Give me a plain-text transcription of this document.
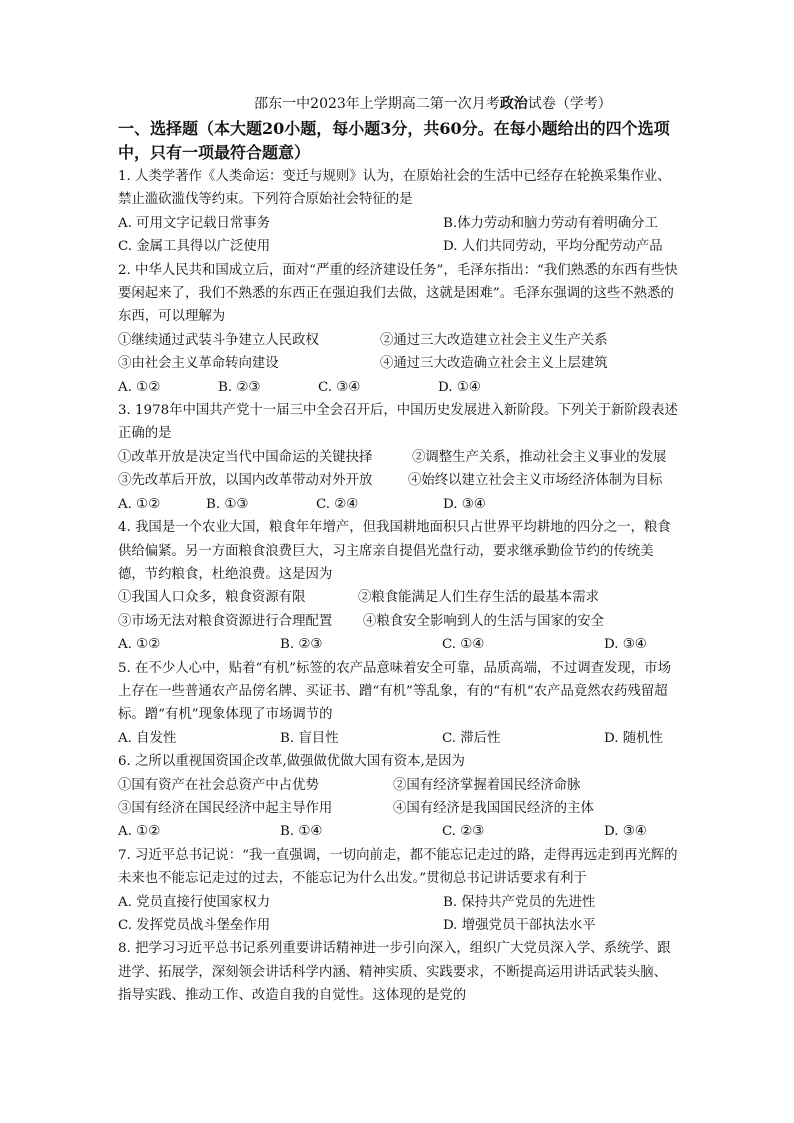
邵东一中2023年上学期高二第一次月考政治试卷（学考）
一、选择题（本大题20小题，每小题3分，共60分。在每小题给出的四个选项中，只有一项最符合题意）
1. 人类学著作《人类命运：变迁与规则》认为，在原始社会的生活中已经存在轮换采集作业、禁止滥砍滥伐等约束。下列符合原始社会特征的是
A. 可用文字记载日常事务	B.体力劳动和脑力劳动有着明确分工
C. 金属工具得以广泛使用	D. 人们共同劳动，平均分配劳动产品
2. 中华人民共和国成立后，面对“严重的经济建设任务”，毛泽东指出：“我们熟悉的东西有些快要闲起来了，我们不熟悉的东西正在强迫我们去做，这就是困难”。毛泽东强调的这些不熟悉的东西，可以理解为
①继续通过武装斗争建立人民政权	②通过三大改造建立社会主义生产关系
③由社会主义革命转向建设	④通过三大改造确立社会主义上层建筑
A. ①②	B. ②③	C. ③④	D. ①④
3. 1978年中国共产党十一届三中全会召开后，中国历史发展进入新阶段。下列关于新阶段表述正确的是
①改革开放是决定当代中国命运的关键抉择	②调整生产关系，推动社会主义事业的发展
③先改革后开放，以国内改革带动对外开放	④始终以建立社会主义市场经济体制为目标
A. ①②	B. ①③	C. ②④	D. ③④
4. 我国是一个农业大国，粮食年年增产，但我国耕地面积只占世界平均耕地的四分之一，粮食供给偏紧。另一方面粮食浪费巨大，习主席亲自提倡光盘行动，要求继承勤俭节约的传统美德，节约粮食，杜绝浪费。这是因为
①我国人口众多，粮食资源有限	②粮食能满足人们生存生活的最基本需求
③市场无法对粮食资源进行合理配置	④粮食安全影响到人的生活与国家的安全
A. ①②	B. ②③	C. ①④	D. ③④
5. 在不少人心中，贴着“有机”标签的农产品意味着安全可靠，品质高端，不过调查发现，市场上存在一些普通农产品傍名牌、买证书、蹭“有机”等乱象，有的“有机”农产品竟然农药残留超标。蹭“有机”现象体现了市场调节的
A. 自发性	B. 盲目性	C. 滞后性	D. 随机性
6. 之所以重视国资国企改革,做强做优做大国有资本,是因为
①国有资产在社会总资产中占优势	②国有经济掌握着国民经济命脉
③国有经济在国民经济中起主导作用	④国有经济是我国国民经济的主体
A. ①②	B. ①④	C. ②③	D. ③④
7. 习近平总书记说：“我一直强调，一切向前走，都不能忘记走过的路，走得再远走到再光辉的未来也不能忘记走过的过去，不能忘记为什么出发。”贯彻总书记讲话要求有利于
A. 党员直接行使国家权力	B. 保持共产党员的先进性
C. 发挥党员战斗堡垒作用	D. 增强党员干部执法水平
8. 把学习习近平总书记系列重要讲话精神进一步引向深入，组织广大党员深入学、系统学、跟进学、拓展学，深刻领会讲话科学内涵、精神实质、实践要求，不断提高运用讲话武装头脑、指导实践、推动工作、改造自我的自觉性。这体现的是党的
